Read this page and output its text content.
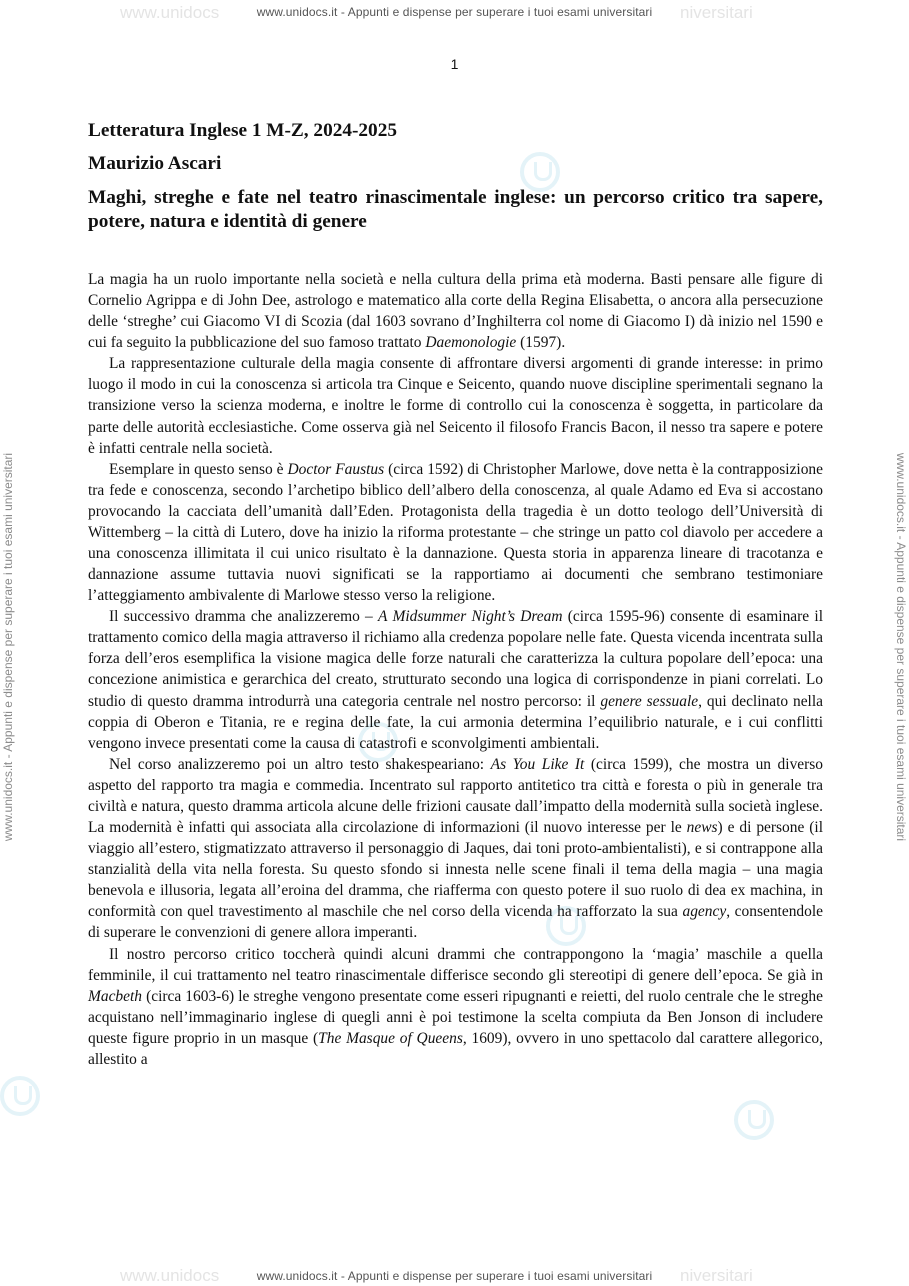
www.unidocs	niversitari
www.unidocs.it - Appunti e dispense per superare i tuoi esami universitari
www.unidocs.it - Appunti e dispense per superare i tuoi esami universitari	www.unidocs.it - Appunti e dispense per superare i tuoi esami universitari
1
Letteratura Inglese 1 M-Z, 2024-2025
Maurizio Ascari
Maghi, streghe e fate nel teatro rinascimentale inglese: un percorso critico tra sapere, potere, natura e identità di genere

La magia ha un ruolo importante nella società e nella cultura della prima età moderna. Basti pensare alle figure di Cornelio Agrippa e di John Dee, astrologo e matematico alla corte della Regina Elisabetta, o ancora alla persecuzione delle ‘streghe’ cui Giacomo VI di Scozia (dal 1603 sovrano d’Inghilterra col nome di Giacomo I) dà inizio nel 1590 e cui fa seguito la pubblicazione del suo famoso trattato Daemonologie (1597).

La rappresentazione culturale della magia consente di affrontare diversi argomenti di grande interesse: in primo luogo il modo in cui la conoscenza si articola tra Cinque e Seicento, quando nuove discipline sperimentali segnano la transizione verso la scienza moderna, e inoltre le forme di controllo cui la conoscenza è soggetta, in particolare da parte delle autorità ecclesiastiche. Come osserva già nel Seicento il filosofo Francis Bacon, il nesso tra sapere e potere è infatti centrale nella società.

Esemplare in questo senso è Doctor Faustus (circa 1592) di Christopher Marlowe, dove netta è la contrapposizione tra fede e conoscenza, secondo l’archetipo biblico dell’albero della conoscenza, al quale Adamo ed Eva si accostano provocando la cacciata dell’umanità dall’Eden. Protagonista della tragedia è un dotto teologo dell’Università di Wittemberg – la città di Lutero, dove ha inizio la riforma protestante – che stringe un patto col diavolo per accedere a una conoscenza illimitata il cui unico risultato è la dannazione. Questa storia in apparenza lineare di tracotanza e dannazione assume tuttavia nuovi significati se la rapportiamo ai documenti che sembrano testimoniare l’atteggiamento ambivalente di Marlowe stesso verso la religione.

Il successivo dramma che analizzeremo – A Midsummer Night’s Dream (circa 1595-96) consente di esaminare il trattamento comico della magia attraverso il richiamo alla credenza popolare nelle fate. Questa vicenda incentrata sulla forza dell’eros esemplifica la visione magica delle forze naturali che caratterizza la cultura popolare dell’epoca: una concezione animistica e gerarchica del creato, strutturato secondo una logica di corrispondenze in piani correlati. Lo studio di questo dramma introdurrà una categoria centrale nel nostro percorso: il genere sessuale, qui declinato nella coppia di Oberon e Titania, re e regina delle fate, la cui armonia determina l’equilibrio naturale, e i cui conflitti vengono invece presentati come la causa di catastrofi e sconvolgimenti ambientali.

Nel corso analizzeremo poi un altro testo shakespeariano: As You Like It (circa 1599), che mostra un diverso aspetto del rapporto tra magia e commedia. Incentrato sul rapporto antitetico tra città e foresta o più in generale tra civiltà e natura, questo dramma articola alcune delle frizioni causate dall’impatto della modernità sulla società inglese. La modernità è infatti qui associata alla circolazione di informazioni (il nuovo interesse per le news) e di persone (il viaggio all’estero, stigmatizzato attraverso il personaggio di Jaques, dai toni proto-ambientalisti), e si contrappone alla stanzialità della vita nella foresta. Su questo sfondo si innesta nelle scene finali il tema della magia – una magia benevola e illusoria, legata all’eroina del dramma, che riafferma con questo potere il suo ruolo di dea ex machina, in conformità con quel travestimento al maschile che nel corso della vicenda ha rafforzato la sua agency, consentendole di superare le convenzioni di genere allora imperanti.

Il nostro percorso critico toccherà quindi alcuni drammi che contrappongono la ‘magia’ maschile a quella femminile, il cui trattamento nel teatro rinascimentale differisce secondo gli stereotipi di genere dell’epoca. Se già in Macbeth (circa 1603-6) le streghe vengono presentate come esseri ripugnanti e reietti, del ruolo centrale che le streghe acquistano nell’immaginario inglese di quegli anni è poi testimone la scelta compiuta da Ben Jonson di includere queste figure proprio in un masque (The Masque of Queens, 1609), ovvero in uno spettacolo dal carattere allegorico, allestito a

www.unidocs	niversitari
www.unidocs.it - Appunti e dispense per superare i tuoi esami universitari
